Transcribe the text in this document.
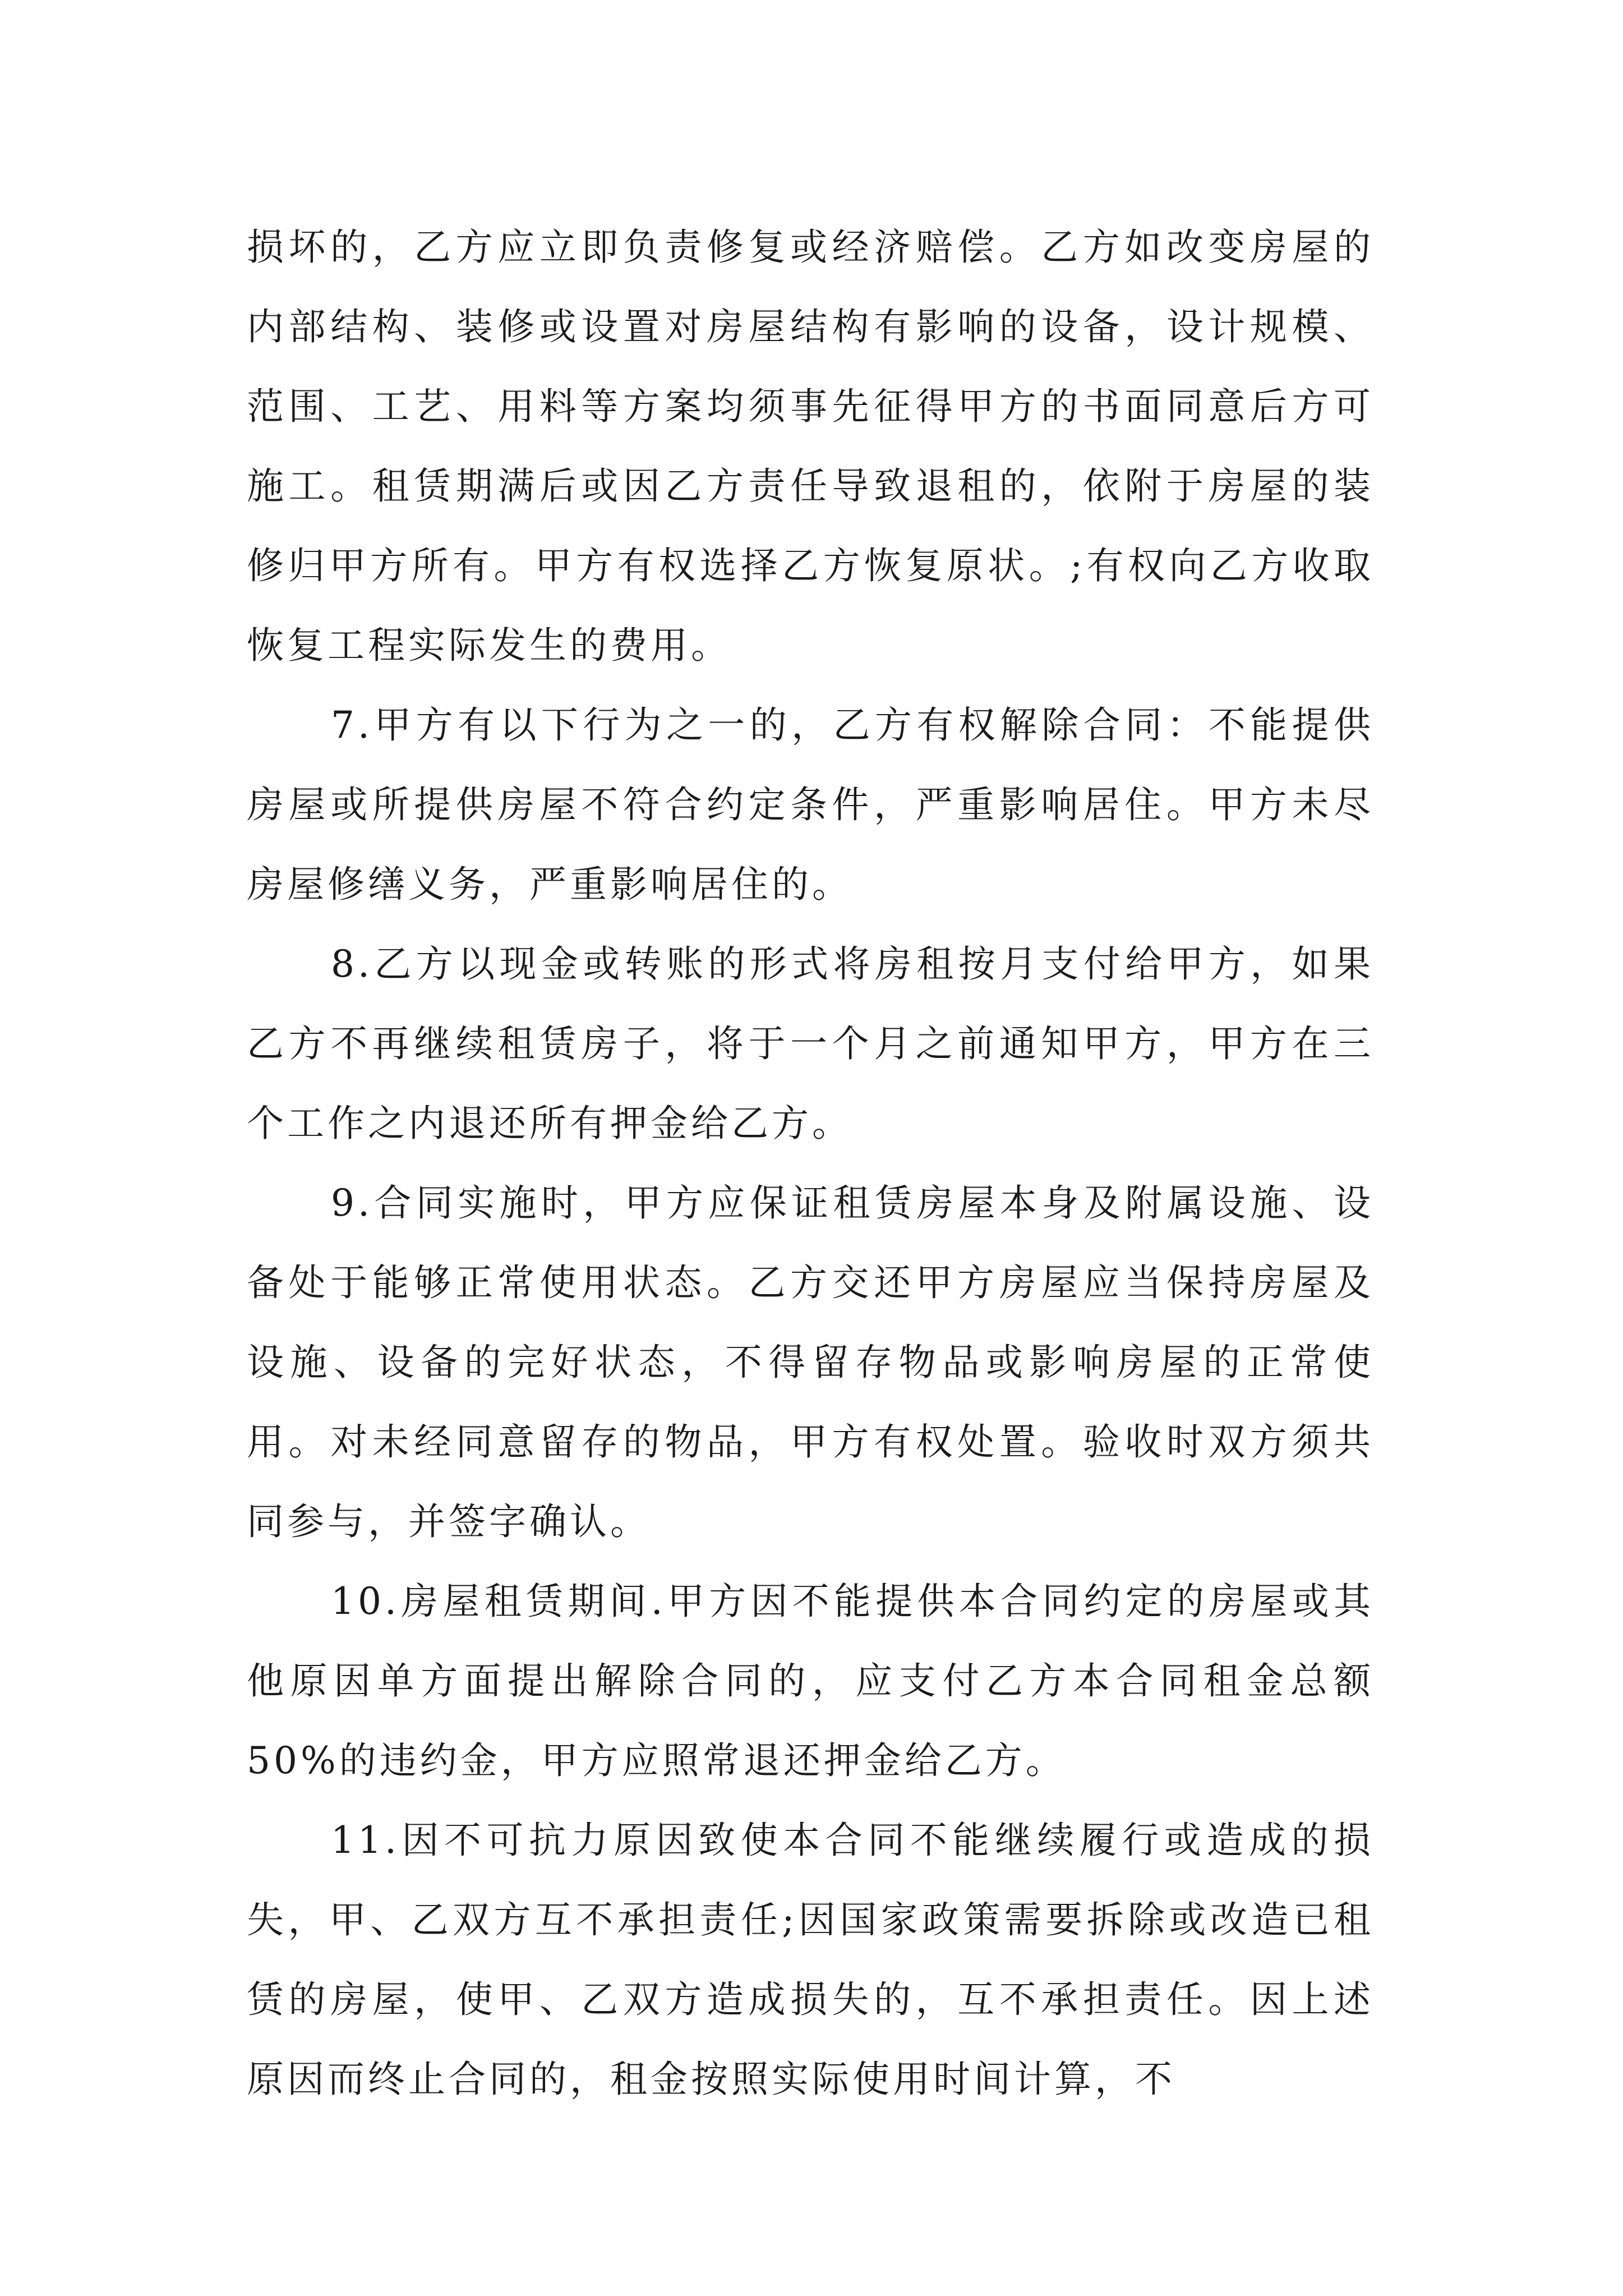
损坏的，乙方应立即负责修复或经济赔偿。乙方如改变房屋的内部结构、装修或设置对房屋结构有影响的设备，设计规模、范围、工艺、用料等方案均须事先征得甲方的书面同意后方可施工。租赁期满后或因乙方责任导致退租的，依附于房屋的装修归甲方所有。甲方有权选择乙方恢复原状。;有权向乙方收取恢复工程实际发生的费用。

7.甲方有以下行为之一的，乙方有权解除合同：不能提供房屋或所提供房屋不符合约定条件，严重影响居住。甲方未尽房屋修缮义务，严重影响居住的。

8.乙方以现金或转账的形式将房租按月支付给甲方，如果乙方不再继续租赁房子，将于一个月之前通知甲方，甲方在三个工作之内退还所有押金给乙方。

9.合同实施时，甲方应保证租赁房屋本身及附属设施、设备处于能够正常使用状态。乙方交还甲方房屋应当保持房屋及设施、设备的完好状态，不得留存物品或影响房屋的正常使用。对未经同意留存的物品，甲方有权处置。验收时双方须共同参与，并签字确认。

10.房屋租赁期间.甲方因不能提供本合同约定的房屋或其他原因单方面提出解除合同的，应支付乙方本合同租金总额50%的违约金，甲方应照常退还押金给乙方。

11.因不可抗力原因致使本合同不能继续履行或造成的损失，甲、乙双方互不承担责任;因国家政策需要拆除或改造已租赁的房屋，使甲、乙双方造成损失的，互不承担责任。因上述原因而终止合同的，租金按照实际使用时间计算，不
